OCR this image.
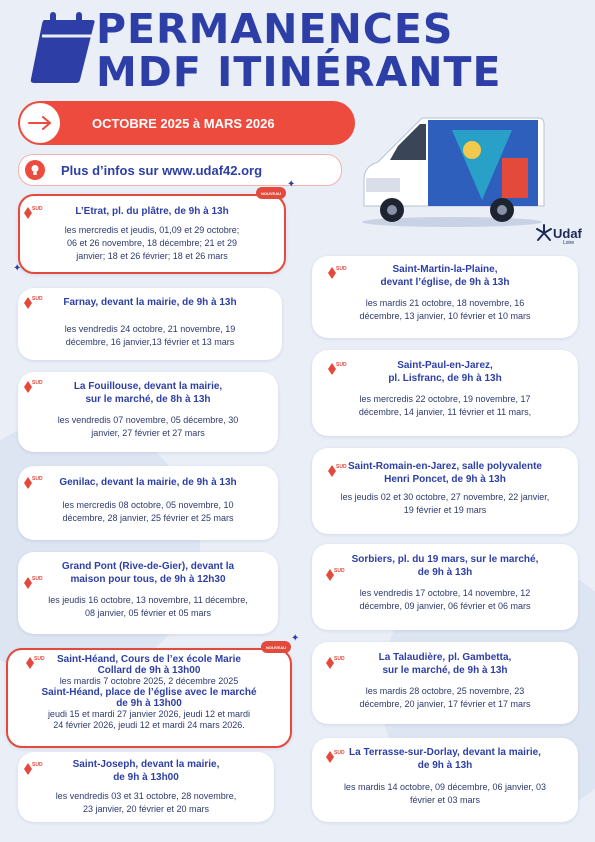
PERMANENCES
MDF ITINÉRANTE
OCTOBRE 2025 à MARS 2026
Plus d’infos sur www.udaf42.org
Udaf
Loire
✦
✦
✦
L’Etrat, pl. du plâtre, de 9h à 13h
les mercredis et jeudis, 01,09 et 29 octobre;
06 et 26 novembre, 18 décembre; 21 et 29
janvier; 18 et 26 février; 18 et 26 mars
NOUVEAU
Farnay, devant la mairie, de 9h à 13h
les vendredis 24 octobre, 21 novembre, 19
décembre, 16 janvier,13 février et 13 mars
La Fouillouse, devant la mairie,
sur le marché, de 8h à 13h
les vendredis 07 novembre, 05 décembre, 30
janvier, 27 février et 27 mars
Genilac, devant la mairie, de 9h à 13h
les mercredis 08 octobre, 05 novembre, 10
décembre, 28 janvier, 25 février et 25 mars
Grand Pont (Rive-de-Gier), devant la
maison pour tous, de 9h à 12h30
les jeudis 16 octobre, 13 novembre, 11 décembre,
08 janvier, 05 février et 05 mars
Saint-Héand, Cours de l’ex école Marie
Collard de 9h à 13h00
les mardis 7 octobre 2025, 2 décembre 2025
Saint-Héand, place de l’église avec le marché
de 9h à 13h00
jeudi 15 et mardi 27 janvier 2026, jeudi 12 et mardi
24 février 2026, jeudi 12 et mardi 24 mars 2026.
NOUVEAU
Saint-Joseph, devant la mairie,
de 9h à 13h00
les vendredis 03 et 31 octobre, 28 novembre,
23 janvier, 20 février et 20 mars
Saint-Martin-la-Plaine,
devant l’église, de 9h à 13h
les mardis 21 octobre, 18 novembre, 16
décembre, 13 janvier, 10 février et 10 mars
Saint-Paul-en-Jarez,
pl. Lisfranc, de 9h à 13h
les mercredis 22 octobre, 19 novembre, 17
décembre, 14 janvier, 11 février et 11 mars,
Saint-Romain-en-Jarez, salle polyvalente
Henri Poncet, de 9h à 13h
les jeudis 02 et 30 octobre, 27 novembre, 22 janvier,
19 février et 19 mars
Sorbiers, pl. du 19 mars, sur le marché,
de 9h à 13h
les vendredis 17 octobre, 14 novembre, 12
décembre, 09 janvier, 06 février et 06 mars
La Talaudière, pl. Gambetta,
sur le marché, de 9h à 13h
les mardis 28 octobre, 25 novembre, 23
décembre, 20 janvier, 17 février et 17 mars
La Terrasse-sur-Dorlay, devant la mairie,
de 9h à 13h
les mardis 14 octobre, 09 décembre, 06 janvier, 03
février et 03 mars
SUD
SUD
SUD
SUD
SUD
SUD
SUD
SUD
SUD
SUD
SUD
SUD
SUD
